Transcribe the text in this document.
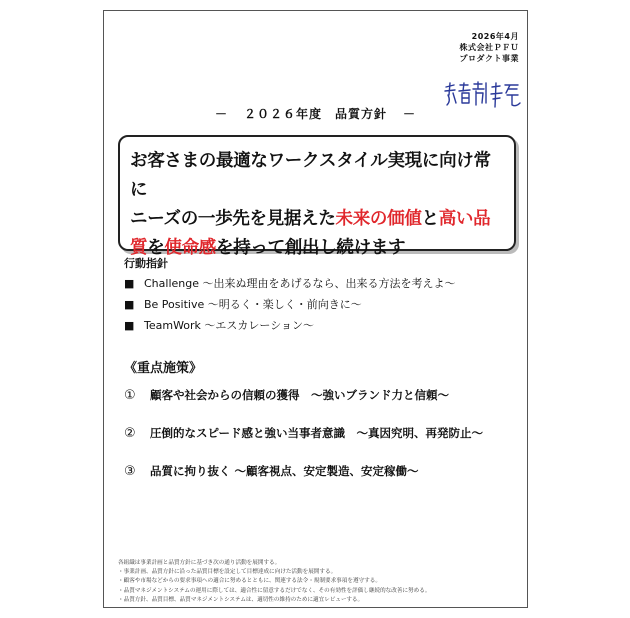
2026年4月
株式会社ＰＦＵ
プロダクト事業
－ ２０２６年度　品質方針 －
お客さまの最適なワークスタイル実現に向け常に
ニーズの一歩先を見据えた未来の価値と高い品
質を使命感を持って創出し続けます
行動指針
■ Challenge ～出来ぬ理由をあげるなら、出来る方法を考えよ～
■ Be Positive ～明るく・楽しく・前向きに～
■ TeamWork ～エスカレーション～
《重点施策》
① 顧客や社会からの信頼の獲得　～強いブランド力と信頼～
② 圧倒的なスピード感と強い当事者意識　～真因究明、再発防止～
③ 品質に拘り抜く ～顧客視点、安定製造、安定稼働～
各組織は事業計画と品質方針に基づき次の通り活動を展開する。
・事業計画、品質方針に沿った品質目標を設定して目標達成に向けた活動を展開する。
・顧客や市場などからの要求事項への適合に努めるとともに、関連する法令・規制要求事項を遵守する。
・品質マネジメントシステムの運用に際しては、適合性に留意するだけでなく、その有効性を評価し継続的な改善に努める。
・品質方針、品質目標、品質マネジメントシステムは、適切性の維持のために適宜レビューする。
